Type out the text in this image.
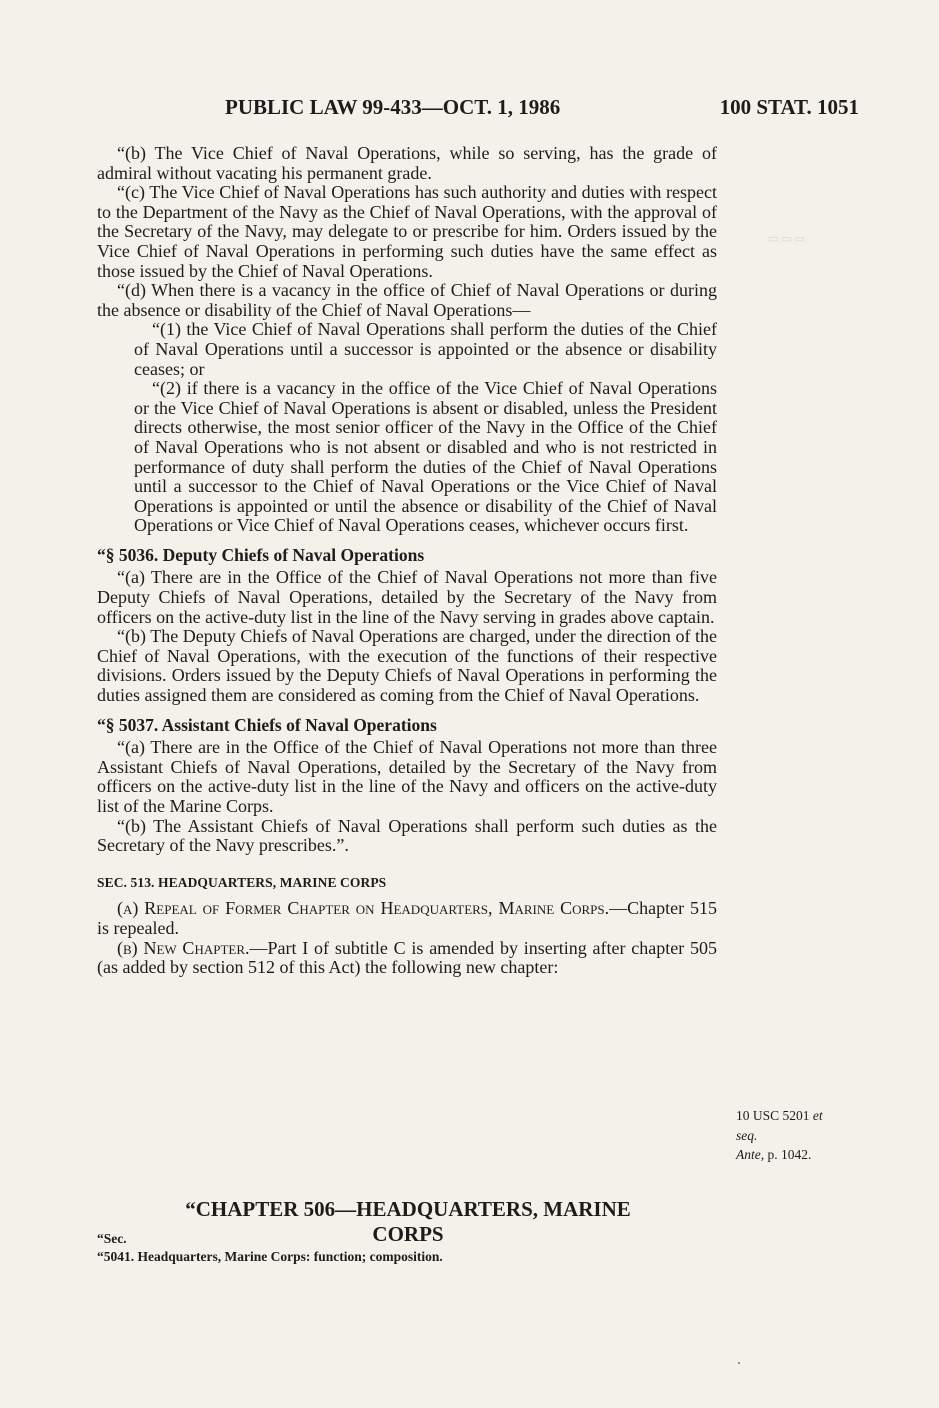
PUBLIC LAW 99-433—OCT. 1, 1986	100 STAT. 1051
▭ ▭ ▭

“(b) The Vice Chief of Naval Operations, while so serving, has the grade of admiral without vacating his permanent grade.

“(c) The Vice Chief of Naval Operations has such authority and duties with respect to the Department of the Navy as the Chief of Naval Operations, with the approval of the Secretary of the Navy, may delegate to or prescribe for him. Orders issued by the Vice Chief of Naval Operations in performing such duties have the same effect as those issued by the Chief of Naval Operations.

“(d) When there is a vacancy in the office of Chief of Naval Operations or during the absence or disability of the Chief of Naval Operations—

“(1) the Vice Chief of Naval Operations shall perform the duties of the Chief of Naval Operations until a successor is appointed or the absence or disability ceases; or

“(2) if there is a vacancy in the office of the Vice Chief of Naval Operations or the Vice Chief of Naval Operations is absent or disabled, unless the President directs otherwise, the most senior officer of the Navy in the Office of the Chief of Naval Operations who is not absent or disabled and who is not restricted in performance of duty shall perform the duties of the Chief of Naval Operations until a successor to the Chief of Naval Operations or the Vice Chief of Naval Operations is appointed or until the absence or disability of the Chief of Naval Operations or Vice Chief of Naval Operations ceases, whichever occurs first.

“§ 5036. Deputy Chiefs of Naval Operations

“(a) There are in the Office of the Chief of Naval Operations not more than five Deputy Chiefs of Naval Operations, detailed by the Secretary of the Navy from officers on the active-duty list in the line of the Navy serving in grades above captain.

“(b) The Deputy Chiefs of Naval Operations are charged, under the direction of the Chief of Naval Operations, with the execution of the functions of their respective divisions. Orders issued by the Deputy Chiefs of Naval Operations in performing the duties assigned them are considered as coming from the Chief of Naval Operations.

“§ 5037. Assistant Chiefs of Naval Operations

“(a) There are in the Office of the Chief of Naval Operations not more than three Assistant Chiefs of Naval Operations, detailed by the Secretary of the Navy from officers on the active-duty list in the line of the Navy and officers on the active-duty list of the Marine Corps.

“(b) The Assistant Chiefs of Naval Operations shall perform such duties as the Secretary of the Navy prescribes.”.

SEC. 513. HEADQUARTERS, MARINE CORPS

(a) Repeal of Former Chapter on Headquarters, Marine Corps.—Chapter 515 is repealed.

(b) New Chapter.—Part I of subtitle C is amended by inserting after chapter 505 (as added by section 512 of this Act) the following new chapter:

10 USC 5201 et
seq.
Ante, p. 1042.
“CHAPTER 506—HEADQUARTERS, MARINE CORPS
“Sec.
“5041. Headquarters, Marine Corps: function; composition.
